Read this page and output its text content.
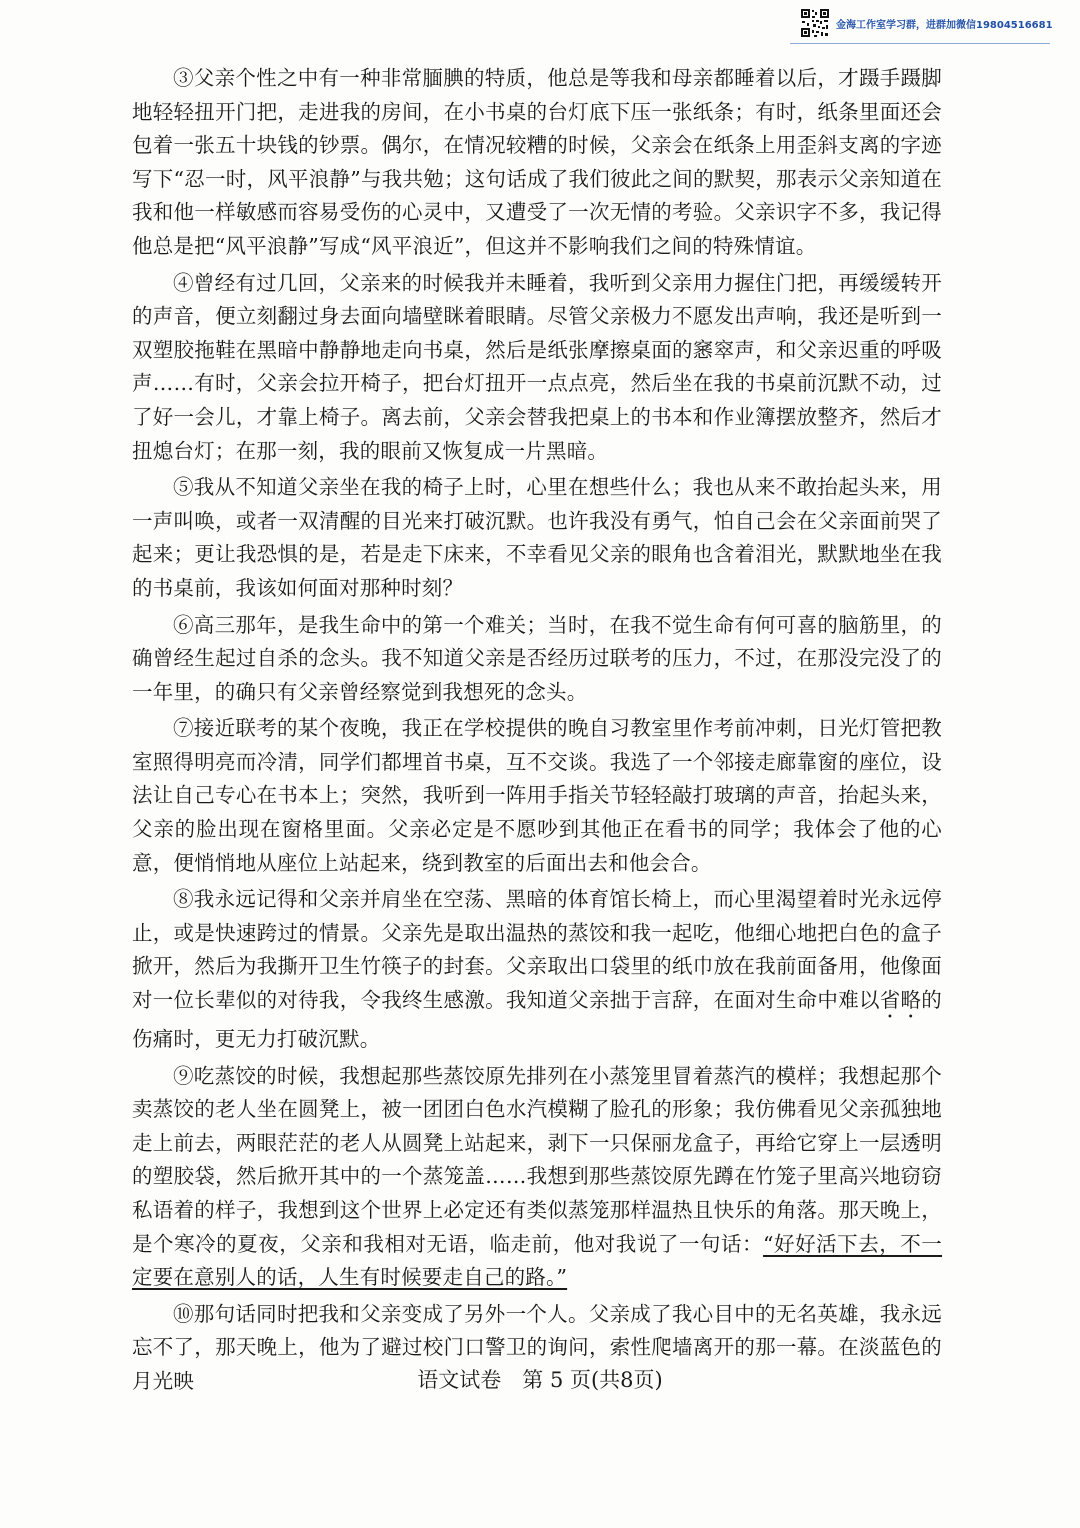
金海工作室学习群，进群加微信19804516681

③父亲个性之中有一种非常腼腆的特质，他总是等我和母亲都睡着以后，才蹑手蹑脚地轻轻扭开门把，走进我的房间，在小书桌的台灯底下压一张纸条；有时，纸条里面还会包着一张五十块钱的钞票。偶尔，在情况较糟的时候，父亲会在纸条上用歪斜支离的字迹写下“忍一时，风平浪静”与我共勉；这句话成了我们彼此之间的默契，那表示父亲知道在我和他一样敏感而容易受伤的心灵中，又遭受了一次无情的考验。父亲识字不多，我记得他总是把“风平浪静”写成“风平浪近”，但这并不影响我们之间的特殊情谊。

④曾经有过几回，父亲来的时候我并未睡着，我听到父亲用力握住门把，再缓缓转开的声音，便立刻翻过身去面向墙壁眯着眼睛。尽管父亲极力不愿发出声响，我还是听到一双塑胶拖鞋在黑暗中静静地走向书桌，然后是纸张摩擦桌面的窸窣声，和父亲迟重的呼吸声……有时，父亲会拉开椅子，把台灯扭开一点点亮，然后坐在我的书桌前沉默不动，过了好一会儿，才靠上椅子。离去前，父亲会替我把桌上的书本和作业簿摆放整齐，然后才扭熄台灯；在那一刻，我的眼前又恢复成一片黑暗。

⑤我从不知道父亲坐在我的椅子上时，心里在想些什么；我也从来不敢抬起头来，用一声叫唤，或者一双清醒的目光来打破沉默。也许我没有勇气，怕自己会在父亲面前哭了起来；更让我恐惧的是，若是走下床来，不幸看见父亲的眼角也含着泪光，默默地坐在我的书桌前，我该如何面对那种时刻？

⑥高三那年，是我生命中的第一个难关；当时，在我不觉生命有何可喜的脑筋里，的确曾经生起过自杀的念头。我不知道父亲是否经历过联考的压力，不过，在那没完没了的一年里，的确只有父亲曾经察觉到我想死的念头。

⑦接近联考的某个夜晚，我正在学校提供的晚自习教室里作考前冲刺，日光灯管把教室照得明亮而冷清，同学们都埋首书桌，互不交谈。我选了一个邻接走廊靠窗的座位，设法让自己专心在书本上；突然，我听到一阵用手指关节轻轻敲打玻璃的声音，抬起头来，父亲的脸出现在窗格里面。父亲必定是不愿吵到其他正在看书的同学；我体会了他的心意，便悄悄地从座位上站起来，绕到教室的后面出去和他会合。

⑧我永远记得和父亲并肩坐在空荡、黑暗的体育馆长椅上，而心里渴望着时光永远停止，或是快速跨过的情景。父亲先是取出温热的蒸饺和我一起吃，他细心地把白色的盒子掀开，然后为我撕开卫生竹筷子的封套。父亲取出口袋里的纸巾放在我前面备用，他像面对一位长辈似的对待我，令我终生感激。我知道父亲拙于言辞，在面对生命中难以省略的伤痛时，更无力打破沉默。

⑨吃蒸饺的时候，我想起那些蒸饺原先排列在小蒸笼里冒着蒸汽的模样；我想起那个卖蒸饺的老人坐在圆凳上，被一团团白色水汽模糊了脸孔的形象；我仿佛看见父亲孤独地走上前去，两眼茫茫的老人从圆凳上站起来，剥下一只保丽龙盒子，再给它穿上一层透明的塑胶袋，然后掀开其中的一个蒸笼盖……我想到那些蒸饺原先蹲在竹笼子里高兴地窃窃私语着的样子，我想到这个世界上必定还有类似蒸笼那样温热且快乐的角落。那天晚上，是个寒冷的夏夜，父亲和我相对无语，临走前，他对我说了一句话：“好好活下去，不一定要在意别人的话，人生有时候要走自己的路。”

⑩那句话同时把我和父亲变成了另外一个人。父亲成了我心目中的无名英雄，我永远忘不了，那天晚上，他为了避过校门口警卫的询问，索性爬墙离开的那一幕。在淡蓝色的月光映	语文试卷　第 5 页(共8页)
